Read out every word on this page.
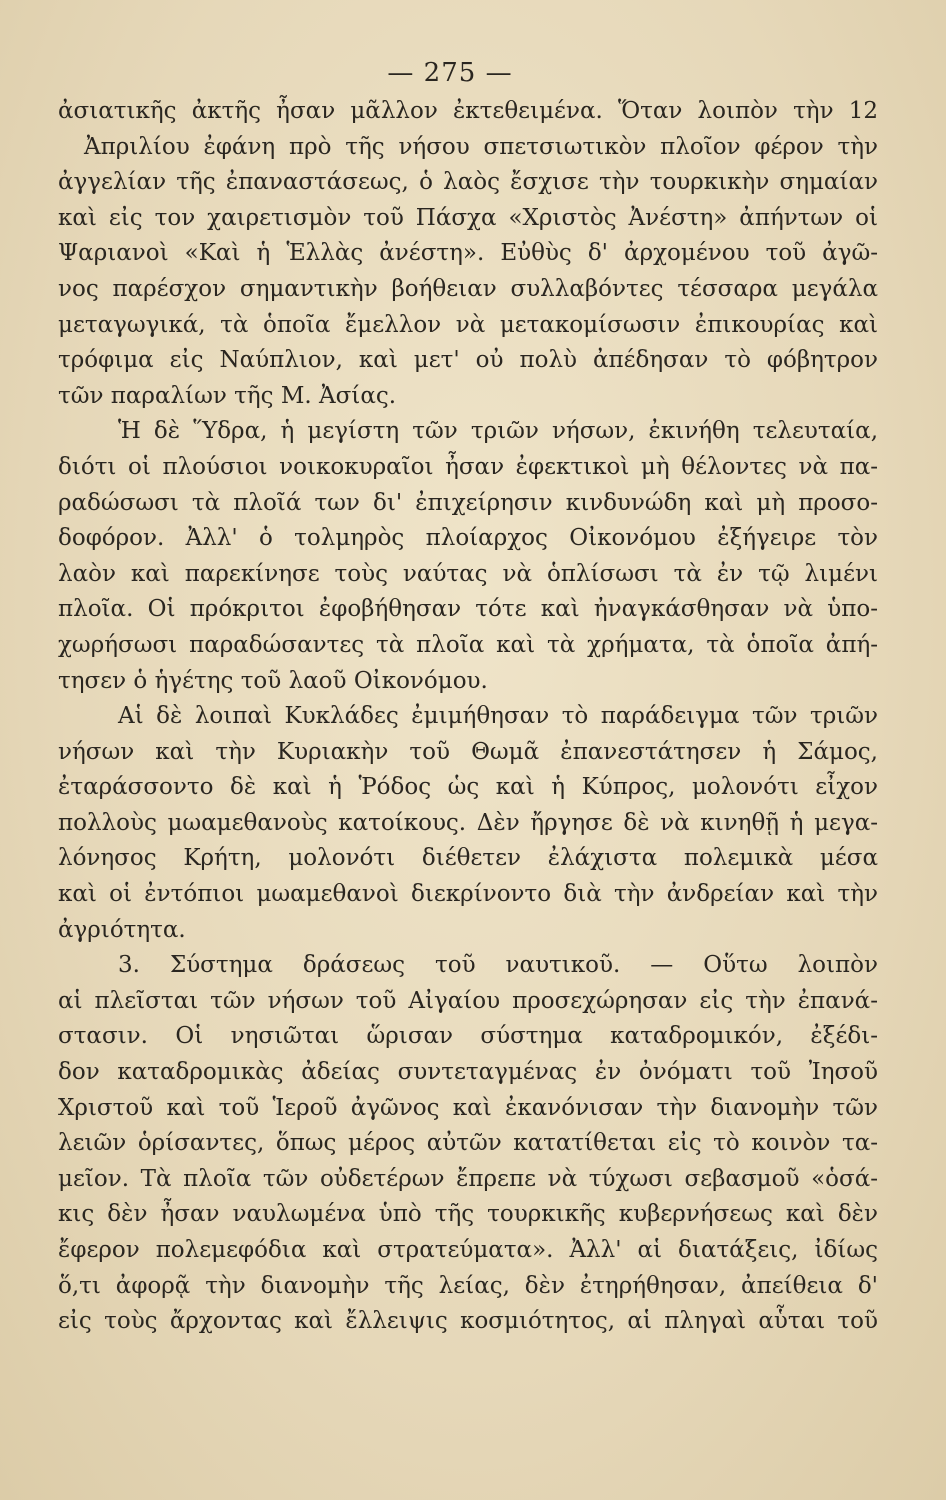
— 275 —
ἀσιατικῆς ἀκτῆς ἦσαν μᾶλλον ἐκτεθειμένα. Ὅταν λοιπὸν τὴν 12
Ἀπριλίου ἐφάνη πρὸ τῆς νήσου σπετσιωτικὸν πλοῖον φέρον τὴν
ἀγγελίαν τῆς ἐπαναστάσεως, ὁ λαὸς ἔσχισε τὴν τουρκικὴν σημαίαν
καὶ εἰς τον χαιρετισμὸν τοῦ Πάσχα «Χριστὸς Ἀνέστη» ἀπήντων οἱ
Ψαριανοὶ «Καὶ ἡ Ἑλλὰς ἀνέστη». Εὐθὺς δ' ἀρχομένου τοῦ ἀγῶ-
νος παρέσχον σημαντικὴν βοήθειαν συλλαβόντες τέσσαρα μεγάλα
μεταγωγικά, τὰ ὁποῖα ἔμελλον νὰ μετακομίσωσιν ἐπικουρίας καὶ
τρόφιμα εἰς Ναύπλιον, καὶ μετ' οὐ πολὺ ἀπέδησαν τὸ φόβητρον
τῶν παραλίων τῆς Μ. Ἀσίας.
Ἡ δὲ Ὕδρα, ἡ μεγίστη τῶν τριῶν νήσων, ἐκινήθη τελευταία,
διότι οἱ πλούσιοι νοικοκυραῖοι ἦσαν ἐφεκτικοὶ μὴ θέλοντες νὰ πα-
ραδώσωσι τὰ πλοῖά των δι' ἐπιχείρησιν κινδυνώδη καὶ μὴ προσο-
δοφόρον. Ἀλλ' ὁ τολμηρὸς πλοίαρχος Οἰκονόμου ἐξήγειρε τὸν
λαὸν καὶ παρεκίνησε τοὺς ναύτας νὰ ὁπλίσωσι τὰ ἐν τῷ λιμένι
πλοῖα. Οἱ πρόκριτοι ἐφοβήθησαν τότε καὶ ἠναγκάσθησαν νὰ ὑπο-
χωρήσωσι παραδώσαντες τὰ πλοῖα καὶ τὰ χρήματα, τὰ ὁποῖα ἀπή-
τησεν ὁ ἡγέτης τοῦ λαοῦ Οἰκονόμου.
Αἱ δὲ λοιπαὶ Κυκλάδες ἐμιμήθησαν τὸ παράδειγμα τῶν τριῶν
νήσων καὶ τὴν Κυριακὴν τοῦ Θωμᾶ ἐπανεστάτησεν ἡ Σάμος,
ἐταράσσοντο δὲ καὶ ἡ Ῥόδος ὡς καὶ ἡ Κύπρος, μολονότι εἶχον
πολλοὺς μωαμεθανοὺς κατοίκους. Δὲν ἤργησε δὲ νὰ κινηθῇ ἡ μεγα-
λόνησος Κρήτη, μολονότι διέθετεν ἐλάχιστα πολεμικὰ μέσα
καὶ οἱ ἐντόπιοι μωαμεθανοὶ διεκρίνοντο διὰ τὴν ἀνδρείαν καὶ τὴν
ἀγριότητα.
3. Σύστημα δράσεως τοῦ ναυτικοῦ. — Οὕτω λοιπὸν
αἱ πλεῖσται τῶν νήσων τοῦ Αἰγαίου προσεχώρησαν εἰς τὴν ἐπανά-
στασιν. Οἱ νησιῶται ὥρισαν σύστημα καταδρομικόν, ἐξέδι-
δον καταδρομικὰς ἀδείας συντεταγμένας ἐν ὀνόματι τοῦ Ἰησοῦ
Χριστοῦ καὶ τοῦ Ἱεροῦ ἀγῶνος καὶ ἐκανόνισαν τὴν διανομὴν τῶν
λειῶν ὁρίσαντες, ὅπως μέρος αὐτῶν κατατίθεται εἰς τὸ κοινὸν τα-
μεῖον. Τὰ πλοῖα τῶν οὐδετέρων ἔπρεπε νὰ τύχωσι σεβασμοῦ «ὁσά-
κις δὲν ἦσαν ναυλωμένα ὑπὸ τῆς τουρκικῆς κυβερνήσεως καὶ δὲν
ἔφερον πολεμεφόδια καὶ στρατεύματα». Ἀλλ' αἱ διατάξεις, ἰδίως
ὅ,τι ἀφορᾷ τὴν διανομὴν τῆς λείας, δὲν ἐτηρήθησαν, ἀπείθεια δ'
εἰς τοὺς ἄρχοντας καὶ ἔλλειψις κοσμιότητος, αἱ πληγαὶ αὗται τοῦ
